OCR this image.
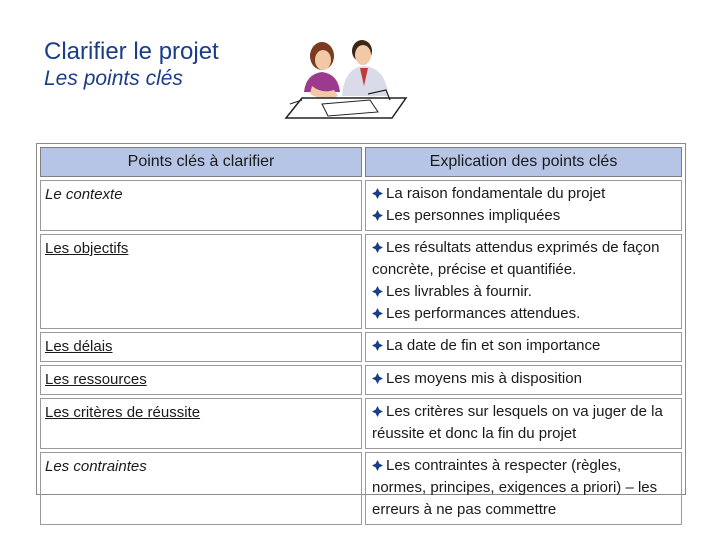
Clarifier le projet
Les points clés
Points clés à clarifier	Explication des points clés
Le contexte	La raison fondamentale du projet
Les personnes impliquées

Les objectifs	Les résultats attendus exprimés de façon concrète, précise et quantifiée.
Les livrables à fournir.
Les performances attendues.

Les délais	La date de fin et son importance

Les ressources	Les moyens mis à disposition

Les critères de réussite	Les critères sur lesquels on va juger de la réussite et donc la fin du projet

Les contraintes	Les contraintes à respecter (règles, normes, principes, exigences a priori) – les erreurs à ne pas commettre
